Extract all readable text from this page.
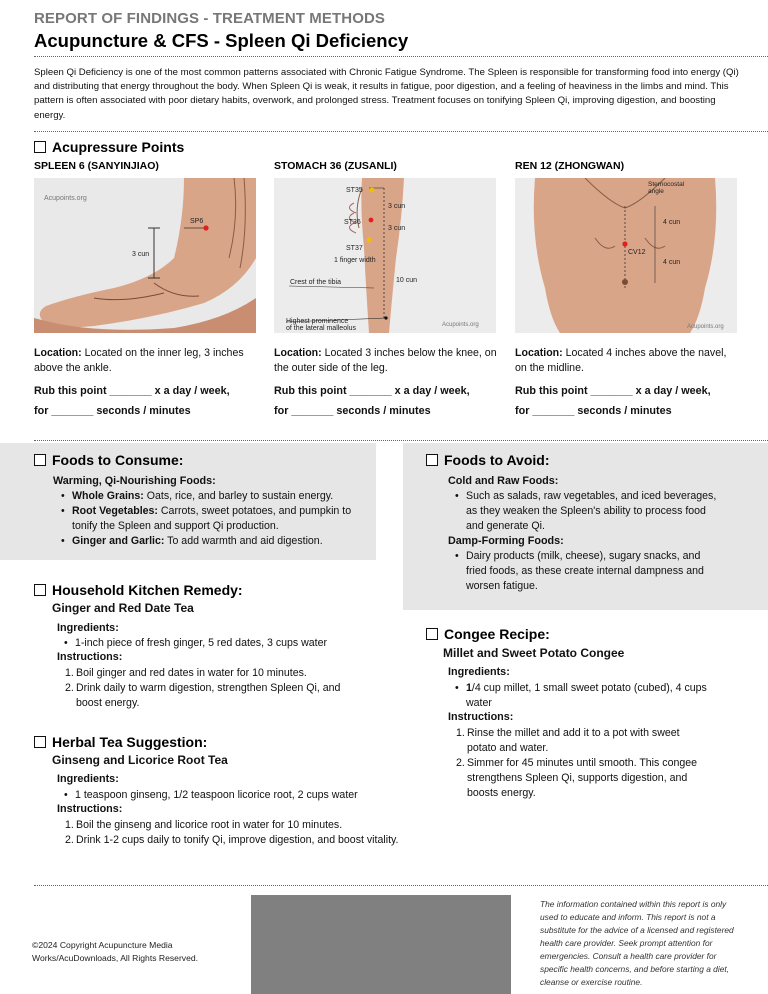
REPORT OF FINDINGS - TREATMENT METHODS
Acupuncture & CFS - Spleen Qi Deficiency
Spleen Qi Deficiency is one of the most common patterns associated with Chronic Fatigue Syndrome. The Spleen is responsible for transforming food into energy (Qi) and distributing that energy throughout the body. When Spleen Qi is weak, it results in fatigue, poor digestion, and a feeling of heaviness in the limbs and mind. This pattern is often associated with poor dietary habits, overwork, and prolonged stress. Treatment focuses on tonifying Spleen Qi, improving digestion, and boosting energy.
Acupressure Points
SPLEEN 6 (SANYINJIAO)	STOMACH 36 (ZUSANLI)	REN 12 (ZHONGWAN)
Acupoints.org
SP6
3 cun
ST35
ST36
ST37
3 cun
3 cun
1 finger width
Crest of the tibia	10 cun
Highest prominence
of the lateral malleolus	Acupoints.org
Sternocostal
angle
4 cun
CV12
4 cun
Acupoints.org
Location: Located on the inner leg, 3 inches above the ankle.
Location: Located 3 inches below the knee, on the outer side of the leg.
Location: Located 4 inches above the navel, on the midline.
Rub this point _______ x a day / week,	Rub this point _______ x a day / week,	Rub this point _______ x a day / week,
for _______ seconds / minutes	for _______ seconds / minutes	for _______ seconds / minutes
Foods to Consume:
Warming, Qi-Nourishing Foods:
• Whole Grains: Oats, rice, and barley to sustain energy.
• Root Vegetables: Carrots, sweet potatoes, and pumpkin to tonify the Spleen and support Qi production.
• Ginger and Garlic: To add warmth and aid digestion.
Foods to Avoid:
Cold and Raw Foods:
• Such as salads, raw vegetables, and iced beverages, as they weaken the Spleen's ability to process food and generate Qi.
Damp-Forming Foods:
• Dairy products (milk, cheese), sugary snacks, and fried foods, as these create internal dampness and worsen fatigue.
Household Kitchen Remedy:
Ginger and Red Date Tea
Ingredients:
• 1-inch piece of fresh ginger, 5 red dates, 3 cups water
Instructions:
1. Boil ginger and red dates in water for 10 minutes.
2. Drink daily to warm digestion, strengthen Spleen Qi, and boost energy.
Herbal Tea Suggestion:
Ginseng and Licorice Root Tea
Ingredients:
• 1 teaspoon ginseng, 1/2 teaspoon licorice root, 2 cups water
Instructions:
1. Boil the ginseng and licorice root in water for 10 minutes.
2. Drink 1-2 cups daily to tonify Qi, improve digestion, and boost vitality.
Congee Recipe:
Millet and Sweet Potato Congee
Ingredients:
• 1/4 cup millet, 1 small sweet potato (cubed), 4 cups water
Instructions:
1. Rinse the millet and add it to a pot with sweet potato and water.
2. Simmer for 45 minutes until smooth. This congee strengthens Spleen Qi, supports digestion, and boosts energy.
©2024 Copyright Acupuncture Media Works/AcuDownloads, All Rights Reserved.
The information contained within this report is only used to educate and inform. This report is not a substitute for the advice of a licensed and registered health care provider. Seek prompt attention for emergencies. Consult a health care provider for specific health concerns, and before starting a diet, cleanse or exercise routine.
